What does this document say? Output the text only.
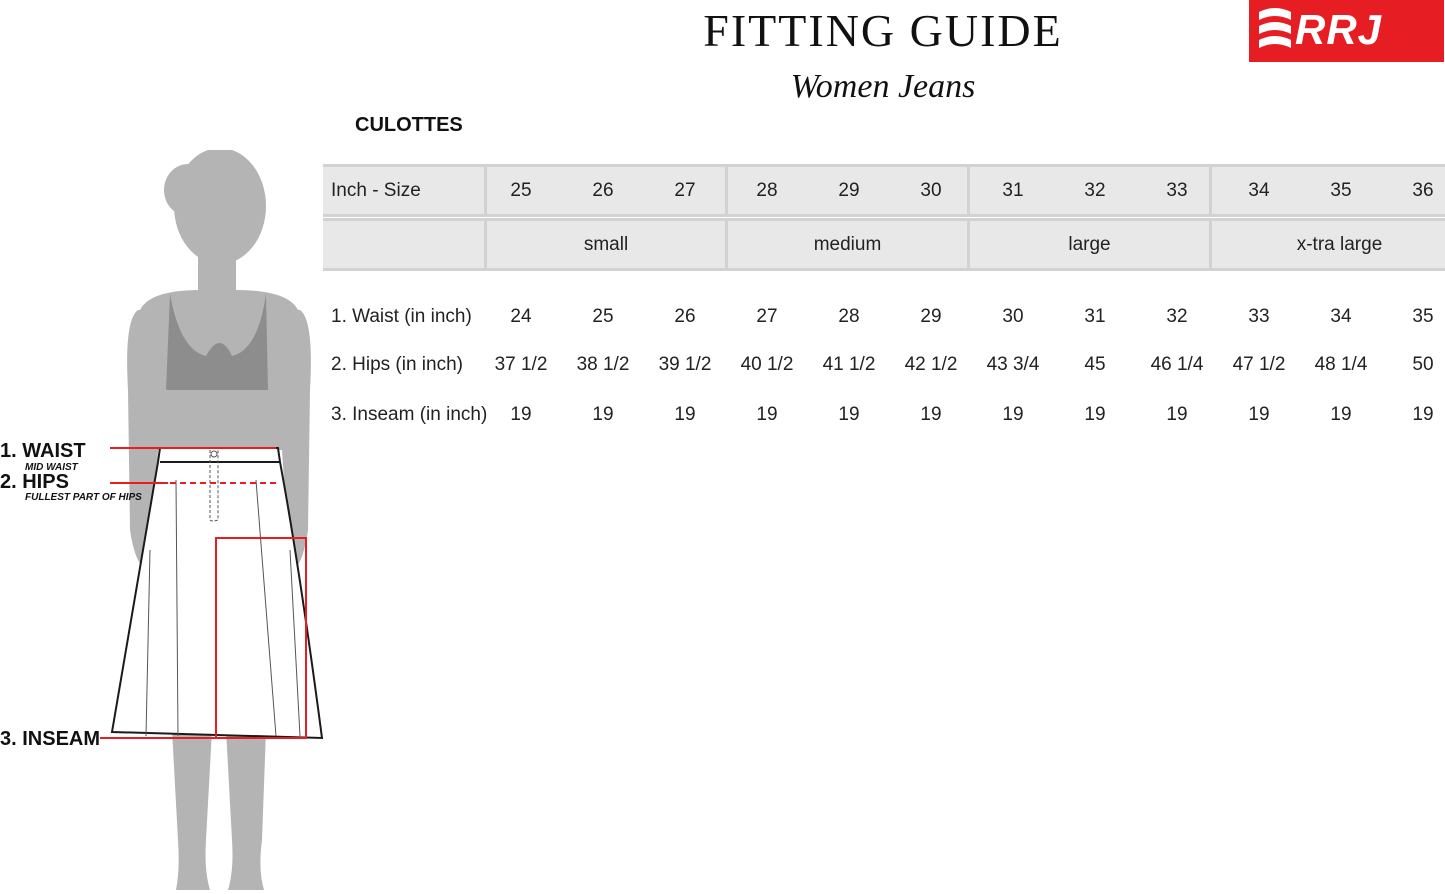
FITTING GUIDE
Women Jeans
CULOTTES
RRJ
Inch - Size	25	26	27	28	29	30	31	32	33	34	35	36
small	medium	large	x-tra large
1. Waist (in inch)	24	25	26	27	28	29	30	31	32	33	34	35
2. Hips (in inch)	37 1/2	38 1/2	39 1/2	40 1/2	41 1/2	42 1/2	43 3/4	45	46 1/4	47 1/2	48 1/4	50
3. Inseam (in inch)	19	19	19	19	19	19	19	19	19	19	19	19
1. WAIST
MID WAIST
2. HIPS
FULLEST PART OF HIPS
3. INSEAM
